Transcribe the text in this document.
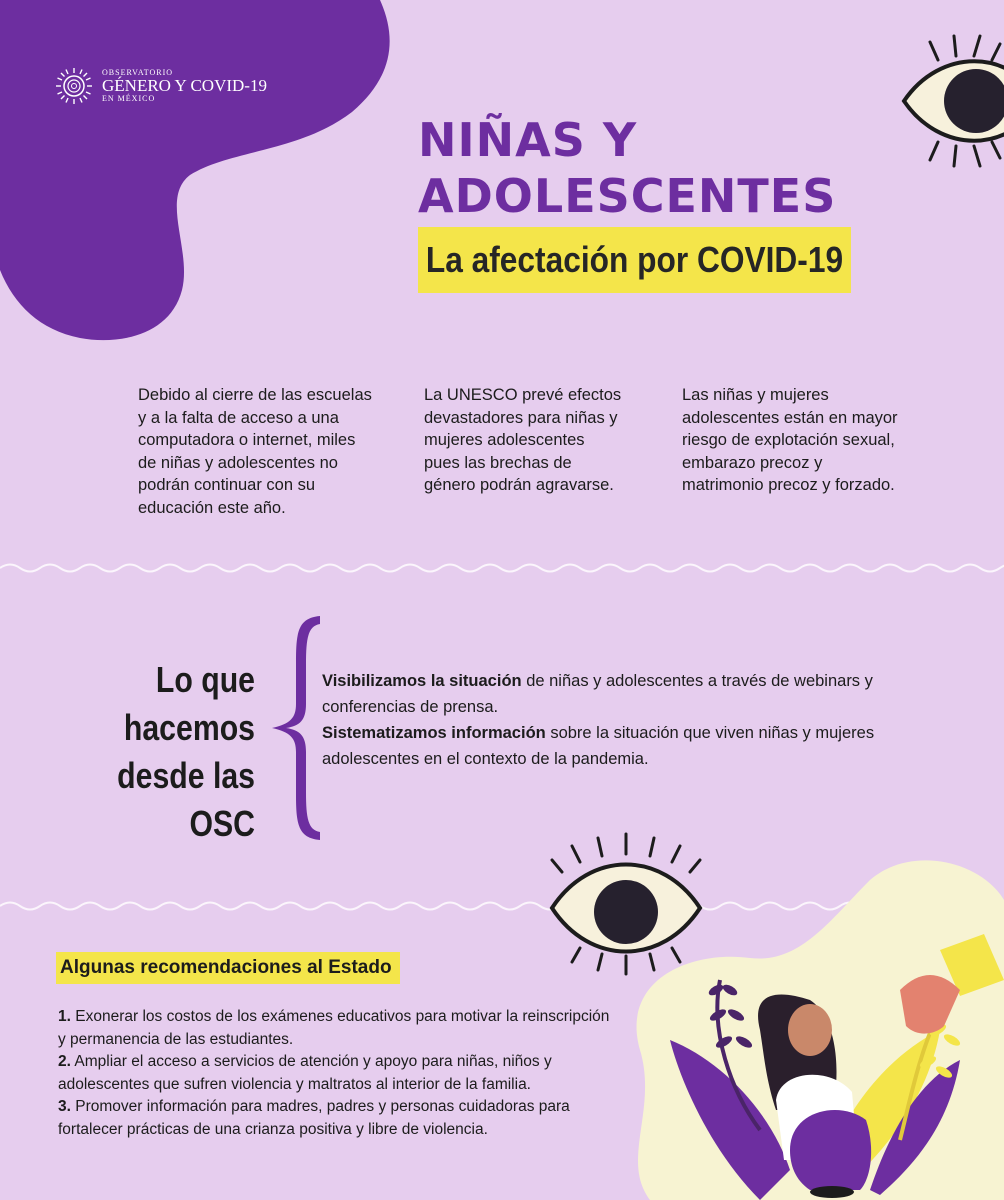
OBSERVATORIO
GÉNERO Y COVID-19
EN MÉXICO
NIÑAS Y
ADOLESCENTES
La afectación por COVID-19
Debido al cierre de las escuelas y a la falta de acceso a una computadora o internet, miles de niñas y adolescentes no podrán continuar con su educación este año.
La UNESCO prevé efectos devastadores para niñas y mujeres adolescentes pues las brechas de género podrán agravarse.
Las niñas y mujeres adolescentes están en mayor riesgo de explotación sexual, embarazo precoz y matrimonio precoz y forzado.
Lo que
hacemos
desde las OSC

Visibilizamos la situación de niñas y adolescentes a través de webinars y conferencias de prensa.

Sistematizamos información sobre la situación que viven niñas y mujeres adolescentes en el contexto de la pandemia.

Algunas recomendaciones al Estado
1. Exonerar los costos de los exámenes educativos para motivar la reinscripción y permanencia de las estudiantes.
2. Ampliar el acceso a servicios de atención y apoyo para niñas, niños y adolescentes que sufren violencia y maltratos al interior de la familia.
3. Promover información para madres, padres y personas cuidadoras para fortalecer prácticas de una crianza positiva y libre de violencia.
